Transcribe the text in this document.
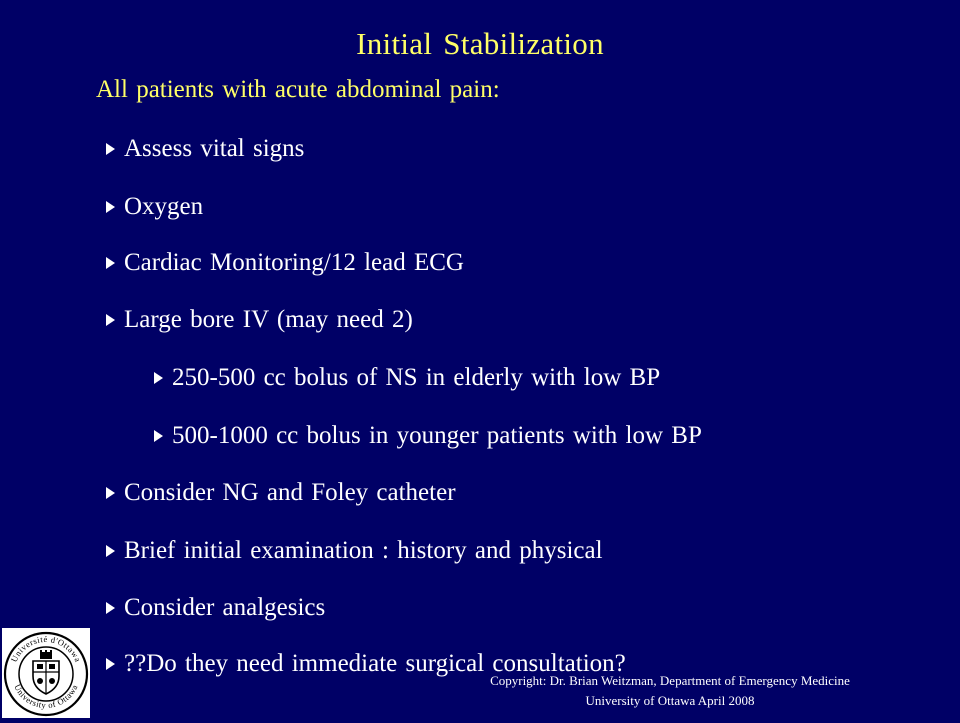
Initial Stabilization
All patients with acute abdominal pain:
Assess vital signs
Oxygen
Cardiac Monitoring/12 lead ECG
Large bore IV (may need 2)
250-500 cc bolus of NS in elderly with low BP
500-1000 cc bolus in younger patients with low BP
Consider NG and Foley catheter
Brief initial examination : history and physical
Consider analgesics
??Do they need immediate surgical consultation?
Copyright: Dr. Brian Weitzman, Department of Emergency Medicine
University of Ottawa April 2008
Université d'Ottawa
University of Ottawa
